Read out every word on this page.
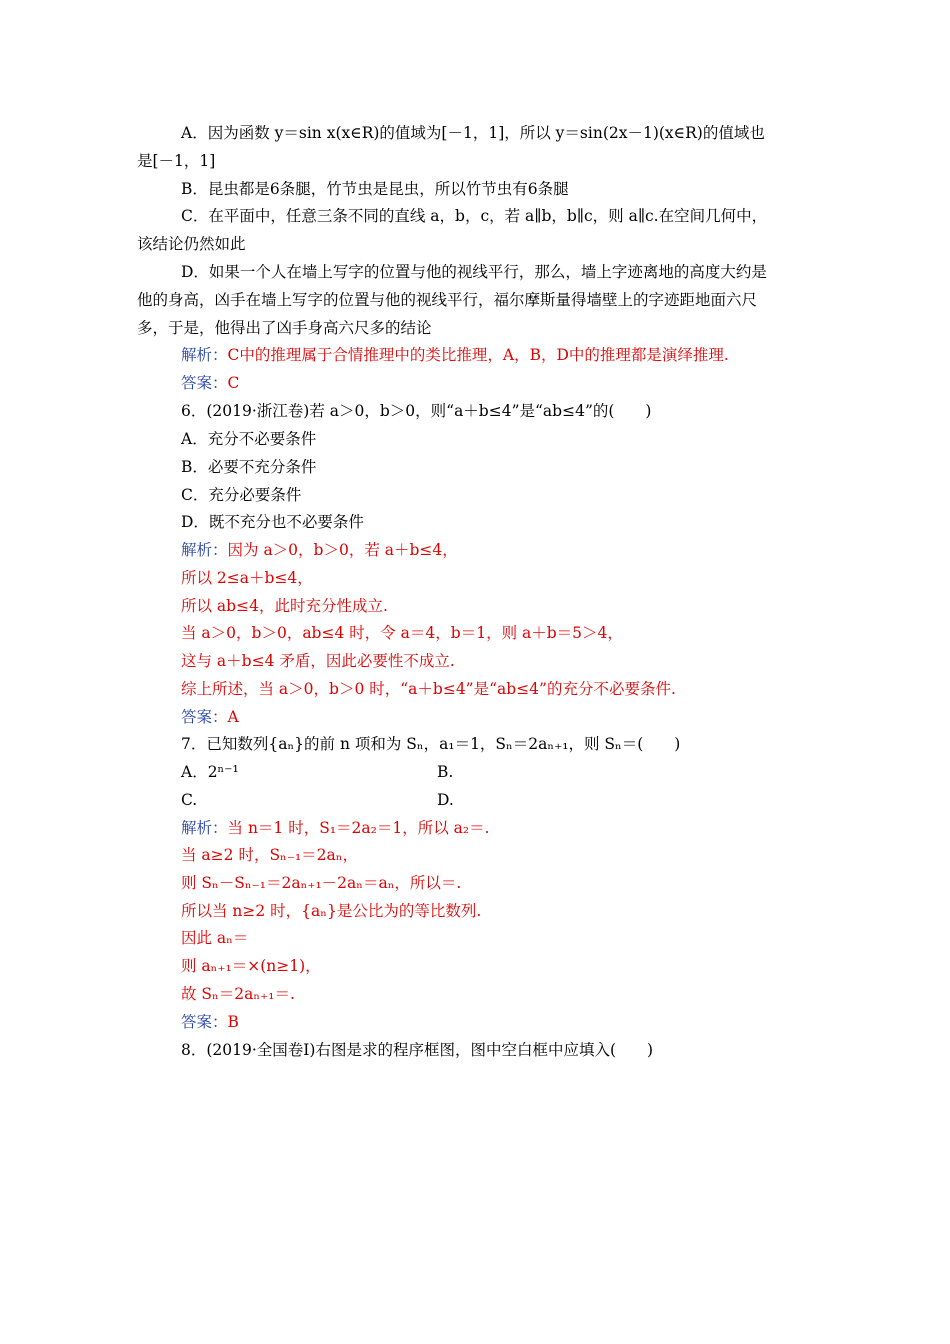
A．因为函数 y＝sin x(x∈R)的值域为[－1，1]，所以 y＝sin(2x－1)(x∈R)的值域也
是[－1，1]
B．昆虫都是6条腿，竹节虫是昆虫，所以竹节虫有6条腿
C．在平面中，任意三条不同的直线 a，b，c，若 a∥b，b∥c，则 a∥c.在空间几何中，
该结论仍然如此
D．如果一个人在墙上写字的位置与他的视线平行，那么，墙上字迹离地的高度大约是
他的身高，凶手在墙上写字的位置与他的视线平行，福尔摩斯量得墙壁上的字迹距地面六尺
多，于是，他得出了凶手身高六尺多的结论
解析：C中的推理属于合情推理中的类比推理，A，B，D中的推理都是演绎推理.
答案：C
6．(2019·浙江卷)若 a＞0，b＞0，则“a＋b≤4”是“ab≤4”的(　　)
A．充分不必要条件
B．必要不充分条件
C．充分必要条件
D．既不充分也不必要条件
解析：因为 a＞0，b＞0，若 a＋b≤4，
所以 2≤a＋b≤4，
所以 ab≤4，此时充分性成立.
当 a＞0，b＞0，ab≤4 时，令 a＝4，b＝1，则 a＋b＝5＞4，
这与 a＋b≤4 矛盾，因此必要性不成立.
综上所述，当 a＞0，b＞0 时，“a＋b≤4”是“ab≤4”的充分不必要条件.
答案：A
7．已知数列{aₙ}的前 n 项和为 Sₙ，a₁＝1，Sₙ＝2aₙ₊₁，则 Sₙ＝(　　)
A．2ⁿ⁻¹	B.
C.	D.
解析：当 n＝1 时，S₁＝2a₂＝1，所以 a₂＝.
当 a≥2 时，Sₙ₋₁＝2aₙ，
则 Sₙ－Sₙ₋₁＝2aₙ₊₁－2aₙ＝aₙ，所以＝.
所以当 n≥2 时，{aₙ}是公比为的等比数列.
因此 aₙ＝
则 aₙ₊₁＝×(n≥1)，
故 Sₙ＝2aₙ₊₁＝.
答案：B
8．(2019·全国卷Ⅰ)右图是求的程序框图，图中空白框中应填入(　　)
